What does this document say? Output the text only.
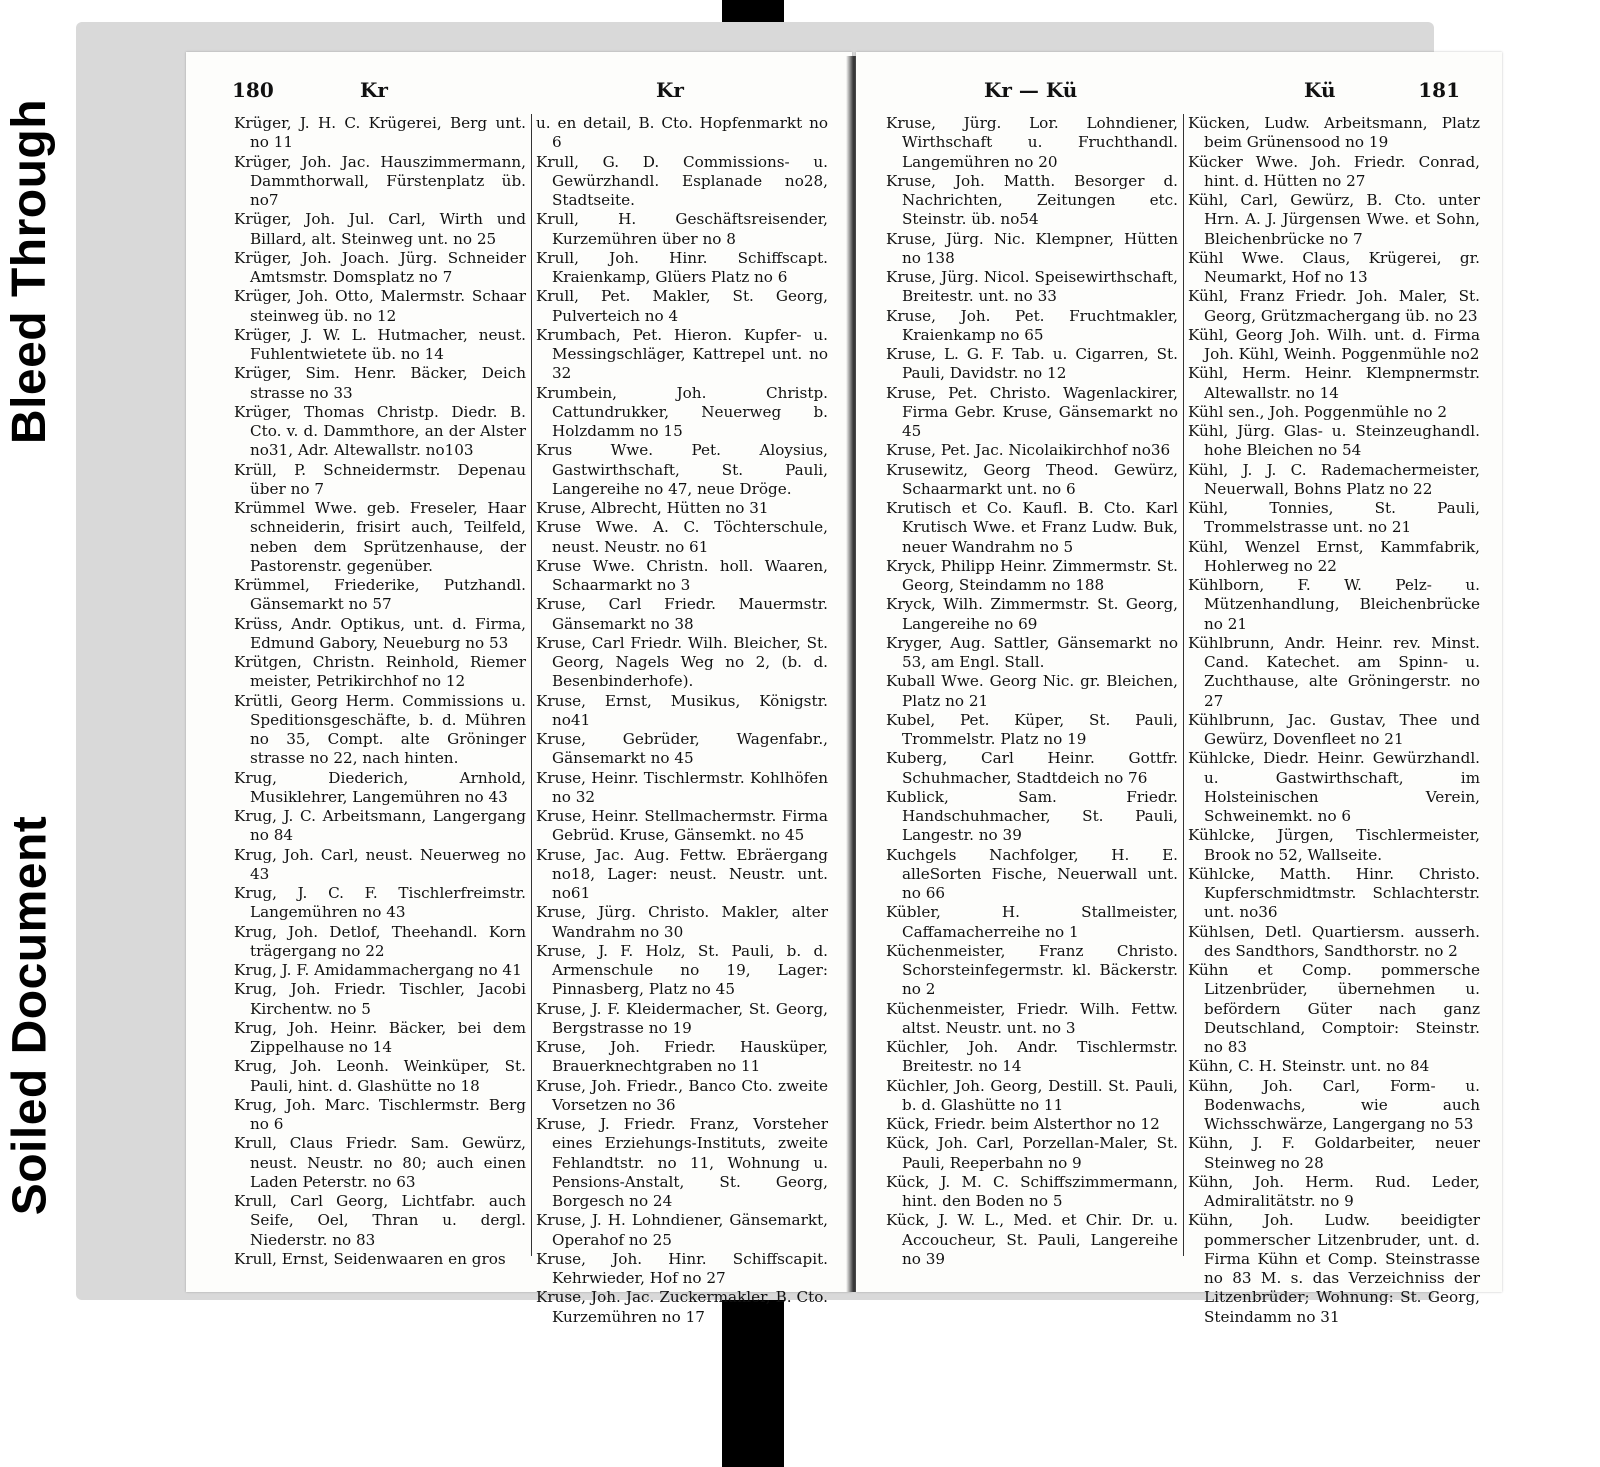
Bleed Through
Soiled Document
180	Kr	Kr

Krüger, J. H. C. Krügerei, Berg unt. no 11

Krüger, Joh. Jac. Hauszimmermann, Dammthorwall, Fürstenplatz üb. no7

Krüger, Joh. Jul. Carl, Wirth und Billard, alt. Steinweg unt. no 25

Krüger, Joh. Joach. Jürg. Schneider Amtsmstr. Domsplatz no 7

Krüger, Joh. Otto, Malermstr. Schaar steinweg üb. no 12

Krüger, J. W. L. Hutmacher, neust. Fuhlentwietete üb. no 14

Krüger, Sim. Henr. Bäcker, Deich strasse no 33

Krüger, Thomas Christp. Diedr. B. Cto. v. d. Dammthore, an der Alster no31, Adr. Altewallstr. no103

Krüll, P. Schneidermstr. Depenau über no 7

Krümmel Wwe. geb. Freseler, Haar schneiderin, frisirt auch, Teilfeld, neben dem Sprützenhause, der Pastorenstr. gegenüber.

Krümmel, Friederike, Putzhandl. Gänsemarkt no 57

Krüss, Andr. Optikus, unt. d. Firma, Edmund Gabory, Neueburg no 53

Krütgen, Christn. Reinhold, Riemer meister, Petrikirchhof no 12

Krütli, Georg Herm. Commissions u. Speditionsgeschäfte, b. d. Mühren no 35, Compt. alte Gröninger strasse no 22, nach hinten.

Krug, Diederich, Arnhold, Musiklehrer, Langemühren no 43

Krug, J. C. Arbeitsmann, Langergang no 84

Krug, Joh. Carl, neust. Neuerweg no 43

Krug, J. C. F. Tischlerfreimstr. Langemühren no 43

Krug, Joh. Detlof, Theehandl. Korn trägergang no 22

Krug, J. F. Amidammachergang no 41

Krug, Joh. Friedr. Tischler, Jacobi Kirchentw. no 5

Krug, Joh. Heinr. Bäcker, bei dem Zippelhause no 14

Krug, Joh. Leonh. Weinküper, St. Pauli, hint. d. Glashütte no 18

Krug, Joh. Marc. Tischlermstr. Berg no 6

Krull, Claus Friedr. Sam. Gewürz, neust. Neustr. no 80; auch einen Laden Peterstr. no 63

Krull, Carl Georg, Lichtfabr. auch Seife, Oel, Thran u. dergl. Niederstr. no 83

Krull, Ernst, Seidenwaaren en gros

u. en detail, B. Cto. Hopfenmarkt no 6

Krull, G. D. Commissions- u. Gewürzhandl. Esplanade no28, Stadtseite.

Krull, H. Geschäftsreisender, Kurzemühren über no 8

Krull, Joh. Hinr. Schiffscapt. Kraienkamp, Glüers Platz no 6

Krull, Pet. Makler, St. Georg, Pulverteich no 4

Krumbach, Pet. Hieron. Kupfer- u. Messingschläger, Kattrepel unt. no 32

Krumbein, Joh. Christp. Cattundrukker, Neuerweg b. Holzdamm no 15

Krus Wwe. Pet. Aloysius, Gastwirthschaft, St. Pauli, Langereihe no 47, neue Dröge.

Kruse, Albrecht, Hütten no 31

Kruse Wwe. A. C. Töchterschule, neust. Neustr. no 61

Kruse Wwe. Christn. holl. Waaren, Schaarmarkt no 3

Kruse, Carl Friedr. Mauermstr. Gänsemarkt no 38

Kruse, Carl Friedr. Wilh. Bleicher, St. Georg, Nagels Weg no 2, (b. d. Besenbinderhofe).

Kruse, Ernst, Musikus, Königstr. no41

Kruse, Gebrüder, Wagenfabr., Gänsemarkt no 45

Kruse, Heinr. Tischlermstr. Kohlhöfen no 32

Kruse, Heinr. Stellmachermstr. Firma Gebrüd. Kruse, Gänsemkt. no 45

Kruse, Jac. Aug. Fettw. Ebräergang no18, Lager: neust. Neustr. unt. no61

Kruse, Jürg. Christo. Makler, alter Wandrahm no 30

Kruse, J. F. Holz, St. Pauli, b. d. Armenschule no 19, Lager: Pinnasberg, Platz no 45

Kruse, J. F. Kleidermacher, St. Georg, Bergstrasse no 19

Kruse, Joh. Friedr. Hausküper, Brauerknechtgraben no 11

Kruse, Joh. Friedr., Banco Cto. zweite Vorsetzen no 36

Kruse, J. Friedr. Franz, Vorsteher eines Erziehungs-Instituts, zweite Fehlandtstr. no 11, Wohnung u. Pensions-Anstalt, St. Georg, Borgesch no 24

Kruse, J. H. Lohndiener, Gänsemarkt, Operahof no 25

Kruse, Joh. Hinr. Schiffscapit. Kehrwieder, Hof no 27

Kruse, Joh. Jac. Zuckermakler, B. Cto. Kurzemühren no 17

Kr — Kü	Kü	181

Kruse, Jürg. Lor. Lohndiener, Wirthschaft u. Fruchthandl. Langemühren no 20

Kruse, Joh. Matth. Besorger d. Nachrichten, Zeitungen etc. Steinstr. üb. no54

Kruse, Jürg. Nic. Klempner, Hütten no 138

Kruse, Jürg. Nicol. Speisewirthschaft, Breitestr. unt. no 33

Kruse, Joh. Pet. Fruchtmakler, Kraienkamp no 65

Kruse, L. G. F. Tab. u. Cigarren, St. Pauli, Davidstr. no 12

Kruse, Pet. Christo. Wagenlackirer, Firma Gebr. Kruse, Gänsemarkt no 45

Kruse, Pet. Jac. Nicolaikirchhof no36

Krusewitz, Georg Theod. Gewürz, Schaarmarkt unt. no 6

Krutisch et Co. Kaufl. B. Cto. Karl Krutisch Wwe. et Franz Ludw. Buk, neuer Wandrahm no 5

Kryck, Philipp Heinr. Zimmermstr. St. Georg, Steindamm no 188

Kryck, Wilh. Zimmermstr. St. Georg, Langereihe no 69

Kryger, Aug. Sattler, Gänsemarkt no 53, am Engl. Stall.

Kuball Wwe. Georg Nic. gr. Bleichen, Platz no 21

Kubel, Pet. Küper, St. Pauli, Trommelstr. Platz no 19

Kuberg, Carl Heinr. Gottfr. Schuhmacher, Stadtdeich no 76

Kublick, Sam. Friedr. Handschuhmacher, St. Pauli, Langestr. no 39

Kuchgels Nachfolger, H. E. alleSorten Fische, Neuerwall unt. no 66

Kübler, H. Stallmeister, Caffamacherreihe no 1

Küchenmeister, Franz Christo. Schorsteinfegermstr. kl. Bäckerstr. no 2

Küchenmeister, Friedr. Wilh. Fettw. altst. Neustr. unt. no 3

Küchler, Joh. Andr. Tischlermstr. Breitestr. no 14

Küchler, Joh. Georg, Destill. St. Pauli, b. d. Glashütte no 11

Kück, Friedr. beim Alsterthor no 12

Kück, Joh. Carl, Porzellan-Maler, St. Pauli, Reeperbahn no 9

Kück, J. M. C. Schiffszimmermann, hint. den Boden no 5

Kück, J. W. L., Med. et Chir. Dr. u. Accoucheur, St. Pauli, Langereihe no 39

Kücken, Ludw. Arbeitsmann, Platz beim Grünensood no 19

Kücker Wwe. Joh. Friedr. Conrad, hint. d. Hütten no 27

Kühl, Carl, Gewürz, B. Cto. unter Hrn. A. J. Jürgensen Wwe. et Sohn, Bleichenbrücke no 7

Kühl Wwe. Claus, Krügerei, gr. Neumarkt, Hof no 13

Kühl, Franz Friedr. Joh. Maler, St. Georg, Grützmachergang üb. no 23

Kühl, Georg Joh. Wilh. unt. d. Firma Joh. Kühl, Weinh. Poggenmühle no2

Kühl, Herm. Heinr. Klempnermstr. Altewallstr. no 14

Kühl sen., Joh. Poggenmühle no 2

Kühl, Jürg. Glas- u. Steinzeughandl. hohe Bleichen no 54

Kühl, J. J. C. Rademachermeister, Neuerwall, Bohns Platz no 22

Kühl, Tonnies, St. Pauli, Trommelstrasse unt. no 21

Kühl, Wenzel Ernst, Kammfabrik, Hohlerweg no 22

Kühlborn, F. W. Pelz- u. Mützenhandlung, Bleichenbrücke no 21

Kühlbrunn, Andr. Heinr. rev. Minst. Cand. Katechet. am Spinn- u. Zuchthause, alte Gröningerstr. no 27

Kühlbrunn, Jac. Gustav, Thee und Gewürz, Dovenfleet no 21

Kühlcke, Diedr. Heinr. Gewürzhandl. u. Gastwirthschaft, im Holsteinischen Verein, Schweinemkt. no 6

Kühlcke, Jürgen, Tischlermeister, Brook no 52, Wallseite.

Kühlcke, Matth. Hinr. Christo. Kupferschmidtmstr. Schlachterstr. unt. no36

Kühlsen, Detl. Quartiersm. ausserh. des Sandthors, Sandthorstr. no 2

Kühn et Comp. pommersche Litzenbrüder, übernehmen u. befördern Güter nach ganz Deutschland, Comptoir: Steinstr. no 83

Kühn, C. H. Steinstr. unt. no 84

Kühn, Joh. Carl, Form- u. Bodenwachs, wie auch Wichsschwärze, Langergang no 53

Kühn, J. F. Goldarbeiter, neuer Steinweg no 28

Kühn, Joh. Herm. Rud. Leder, Admiralitätstr. no 9

Kühn, Joh. Ludw. beeidigter pommerscher Litzenbruder, unt. d. Firma Kühn et Comp. Steinstrasse no 83 M. s. das Verzeichniss der Litzenbrüder; Wohnung: St. Georg, Steindamm no 31
